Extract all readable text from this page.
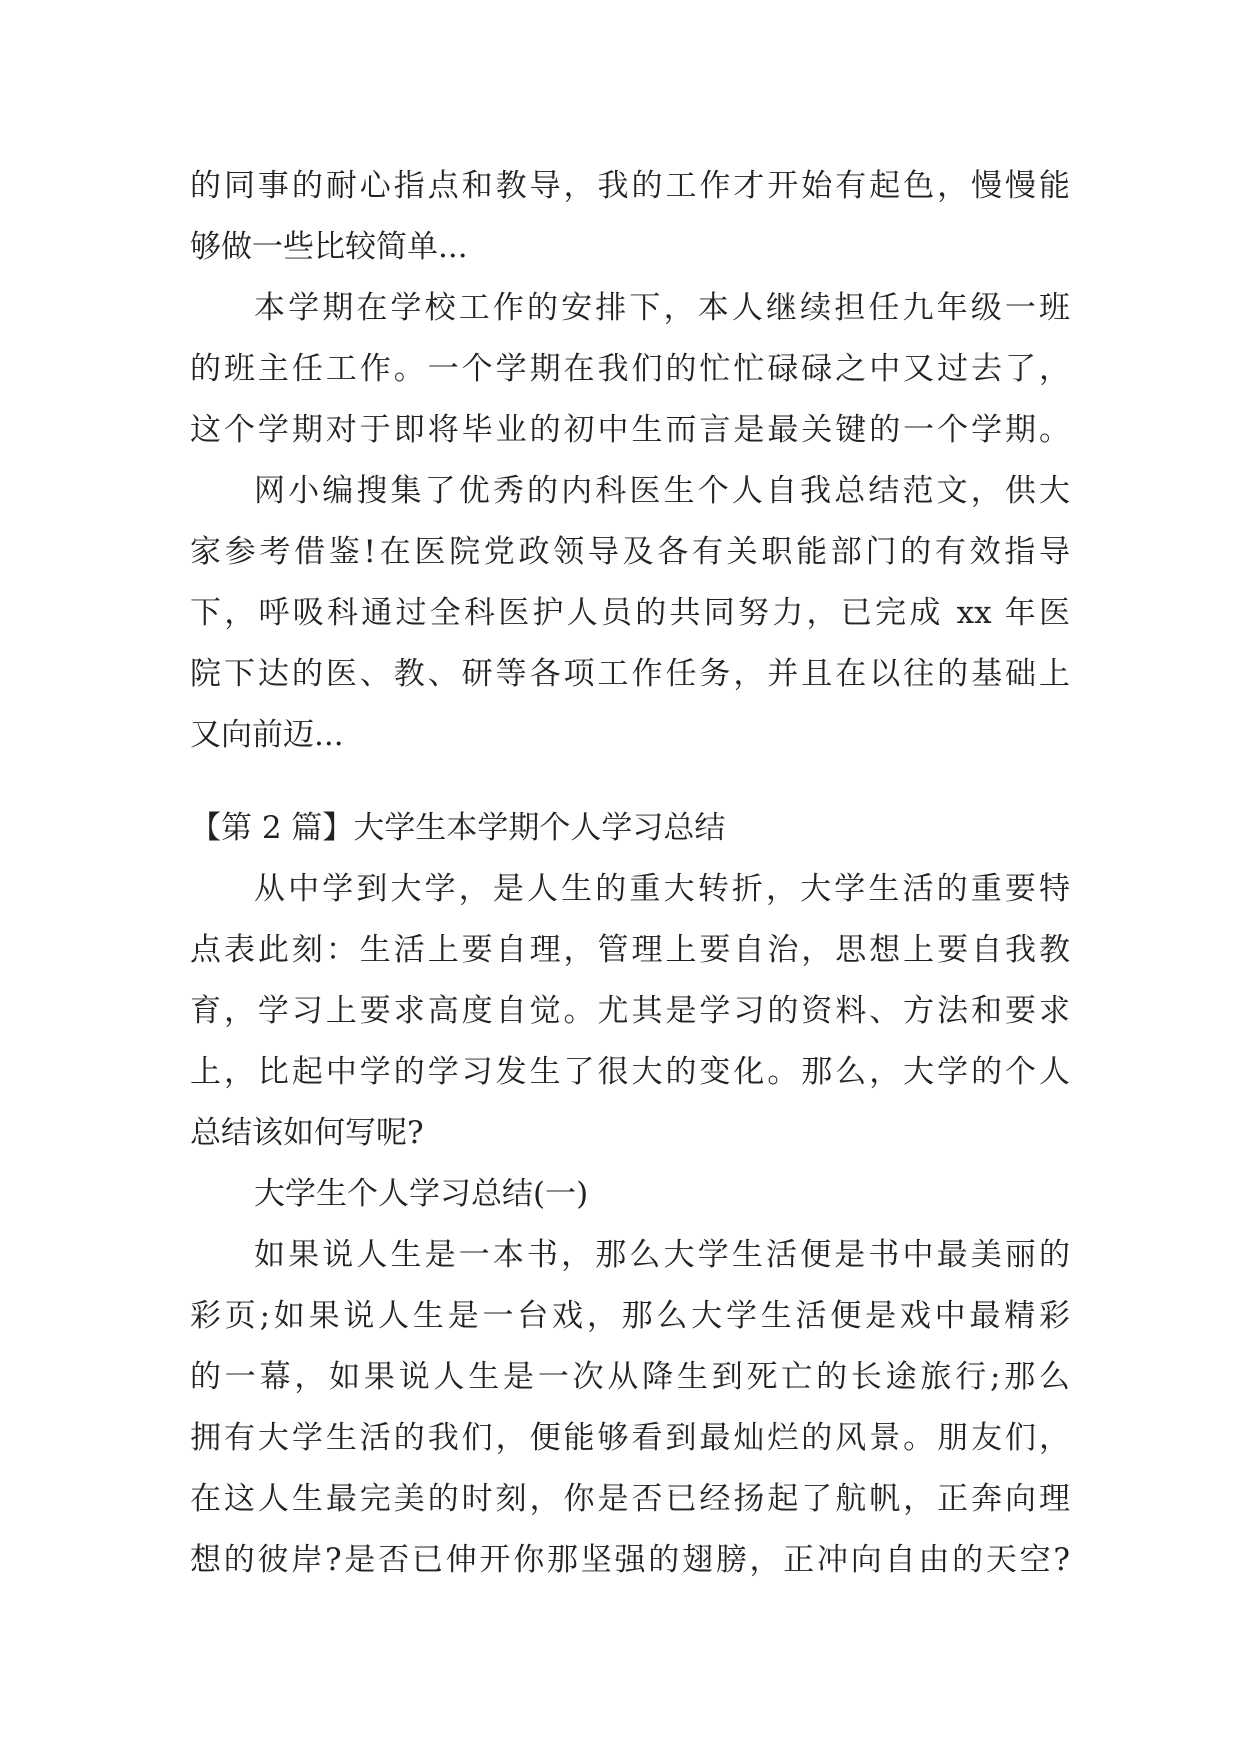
的同事的耐心指点和教导，我的工作才开始有起色，慢慢能

够做一些比较简单...

本学期在学校工作的安排下，本人继续担任九年级一班

的班主任工作。一个学期在我们的忙忙碌碌之中又过去了，

这个学期对于即将毕业的初中生而言是最关键的一个学期。

网小编搜集了优秀的内科医生个人自我总结范文，供大

家参考借鉴!在医院党政领导及各有关职能部门的有效指导

下，呼吸科通过全科医护人员的共同努力，已完成 xx 年医

院下达的医、教、研等各项工作任务，并且在以往的基础上

又向前迈...

【第 2 篇】大学生本学期个人学习总结

从中学到大学，是人生的重大转折，大学生活的重要特

点表此刻：生活上要自理，管理上要自治，思想上要自我教

育，学习上要求高度自觉。尤其是学习的资料、方法和要求

上，比起中学的学习发生了很大的变化。那么，大学的个人

总结该如何写呢?

大学生个人学习总结(一)

如果说人生是一本书，那么大学生活便是书中最美丽的

彩页;如果说人生是一台戏，那么大学生活便是戏中最精彩

的一幕，如果说人生是一次从降生到死亡的长途旅行;那么

拥有大学生活的我们，便能够看到最灿烂的风景。朋友们，

在这人生最完美的时刻，你是否已经扬起了航帆，正奔向理

想的彼岸?是否已伸开你那坚强的翅膀，正冲向自由的天空?
